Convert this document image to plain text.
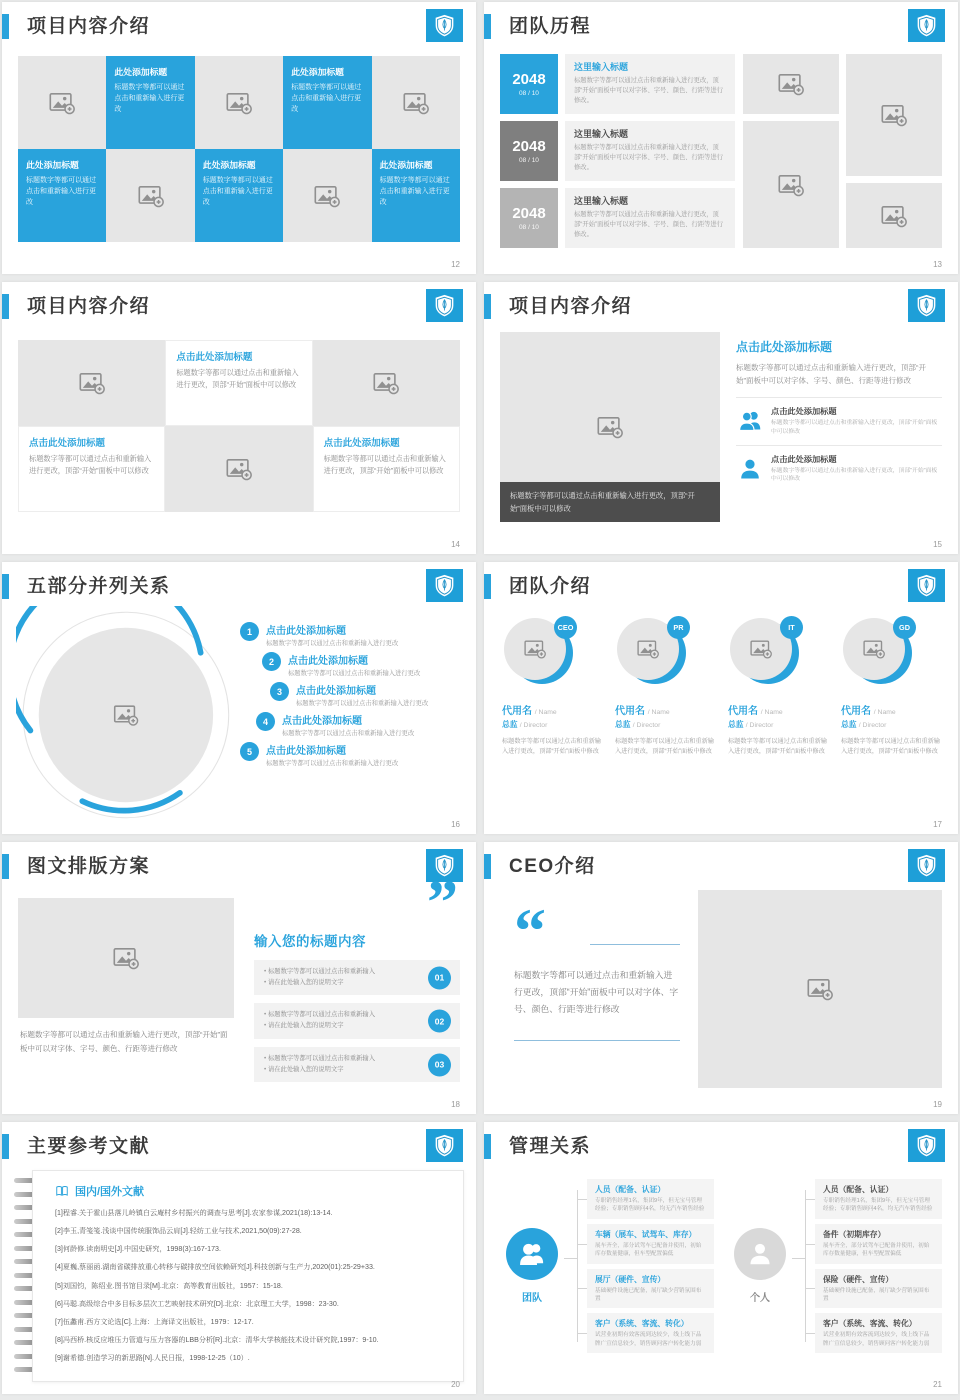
项目内容介绍
此处添加标题

标题数字等都可以通过点击和重新输入进行更改

此处添加标题

标题数字等都可以通过点击和重新输入进行更改

此处添加标题

标题数字等都可以通过点击和重新输入进行更改

此处添加标题

标题数字等都可以通过点击和重新输入进行更改

此处添加标题

标题数字等都可以通过点击和重新输入进行更改

12
团队历程
2048
08 / 10
这里输入标题

标题数字等都可以通过点击和重新输入进行更改，顶部“开始”面板中可以对字体、字号、颜色、行距等进行修改。

2048
08 / 10
这里输入标题

标题数字等都可以通过点击和重新输入进行更改，顶部“开始”面板中可以对字体、字号、颜色、行距等进行修改。

2048
08 / 10
这里输入标题

标题数字等都可以通过点击和重新输入进行更改，顶部“开始”面板中可以对字体、字号、颜色、行距等进行修改。

13
项目内容介绍
点击此处添加标题

标题数字等都可以通过点击和重新输入进行更改，顶部“开始”面板中可以修改

点击此处添加标题

标题数字等都可以通过点击和重新输入进行更改，顶部“开始”面板中可以修改

点击此处添加标题

标题数字等都可以通过点击和重新输入进行更改，顶部“开始”面板中可以修改

14
项目内容介绍
标题数字等都可以通过点击和重新输入进行更改，顶部“开始”面板中可以修改
点击此处添加标题

标题数字等都可以通过点击和重新输入进行更改，顶部“开始”面板中可以对字体、字号、颜色、行距等进行修改

点击此处添加标题

标题数字等都可以通过点击和重新输入进行更改，顶部“开始”面板中可以修改

点击此处添加标题

标题数字等都可以通过点击和重新输入进行更改，顶部“开始”面板中可以修改

15
五部分并列关系
1	点击此处添加标题

标题数字等都可以通过点击和重新输入进行更改

2	点击此处添加标题

标题数字等都可以通过点击和重新输入进行更改

3	点击此处添加标题

标题数字等都可以通过点击和重新输入进行更改

4	点击此处添加标题

标题数字等都可以通过点击和重新输入进行更改

5	点击此处添加标题

标题数字等都可以通过点击和重新输入进行更改

16
团队介绍
CEO
代用名 / Name
总监 / Director

标题数字等都可以通过点击和重新输入进行更改，顶部“开始”面板中修改

PR
代用名 / Name
总监 / Director

标题数字等都可以通过点击和重新输入进行更改，顶部“开始”面板中修改

IT
代用名 / Name
总监 / Director

标题数字等都可以通过点击和重新输入进行更改，顶部“开始”面板中修改

GD
代用名 / Name
总监 / Director

标题数字等都可以通过点击和重新输入进行更改，顶部“开始”面板中修改

17
图文排版方案

标题数字等都可以通过点击和重新输入进行更改，顶部“开始”面板中可以对字体、字号、颜色、行距等进行修改

”
输入您的标题内容
• 标题数字等都可以通过点击和重新输入
• 请在此处输入您的说明文字	01
• 标题数字等都可以通过点击和重新输入
• 请在此处输入您的说明文字	02
• 标题数字等都可以通过点击和重新输入
• 请在此处输入您的说明文字	03
18
CEO介绍
“

标题数字等都可以通过点击和重新输入进行更改，顶部“开始”面板中可以对字体、字号、颜色、行距等进行修改

19
主要参考文献
国内/国外文献
[1]程睿.关于霍山县落儿岭镇白云庵村乡村振兴的调查与思考[J].农家参谋,2021(18):13-14.
[2]李玉,青笺笺.浅谈中国传统服饰品云肩[J].轻纺工业与技术,2021,50(09):27-28.
[3]何龄修.读南明史[J].中国史研究，1998(3):167-173.
[4]夏巍,蔡丽函.湖南省碳排放重心转移与碳排放空间依赖研究[J].科技创新与生产力,2020(01):25-29+33.
[5]刘国钧，陈绍业.图书馆目录[M].北京：高等教育出版社，1957：15-18.
[6]马聪.高级综合中多目标多层次工艺映射技术研究[D].北京：北京理工大学，1998：23-30.
[7]伍蠡甫.西方文论选[C].上海：上海译文出版社，1979：12-17.
[8]冯西桥.核反应堆压力管道与压力容器的LBB分析[R].北京：清华大学核能技术设计研究院,1997：9-10.
[9]谢希德.创造学习的新思路[N].人民日报，1998-12-25（10）.
20
管理关系
团队
人员（配备、认证）

专职销售经理1名，集团9年，但无宝马管理经验；专职销售顾问4名，均无汽车销售经验

车辆（展车、试驾车、库存）

展车齐全，部分试驾车已配备并使用，初始库存数量健康，但车型配置偏低

展厅（硬件、宣传）

基础硬件设施已配备，展厅缺少营销氛围布置

客户（系统、客流、转化）

试营业初期有效客流到达较少，线上线下品牌广宣信息较少，销售顾问客户转化能力弱

个人
人员（配备、认证）

专职销售经理1名，集团9年，但无宝马管理经验；专职销售顾问4名，均无汽车销售经验

备件（初期库存）

展车齐全，部分试驾车已配备并使用，初始库存数量健康，但车型配置偏低

保险（硬件、宣传）

基础硬件设施已配备，展厅缺少营销氛围布置

客户（系统、客流、转化）

试营业初期有效客流到达较少，线上线下品牌广宣信息较少，销售顾问客户转化能力弱

21
